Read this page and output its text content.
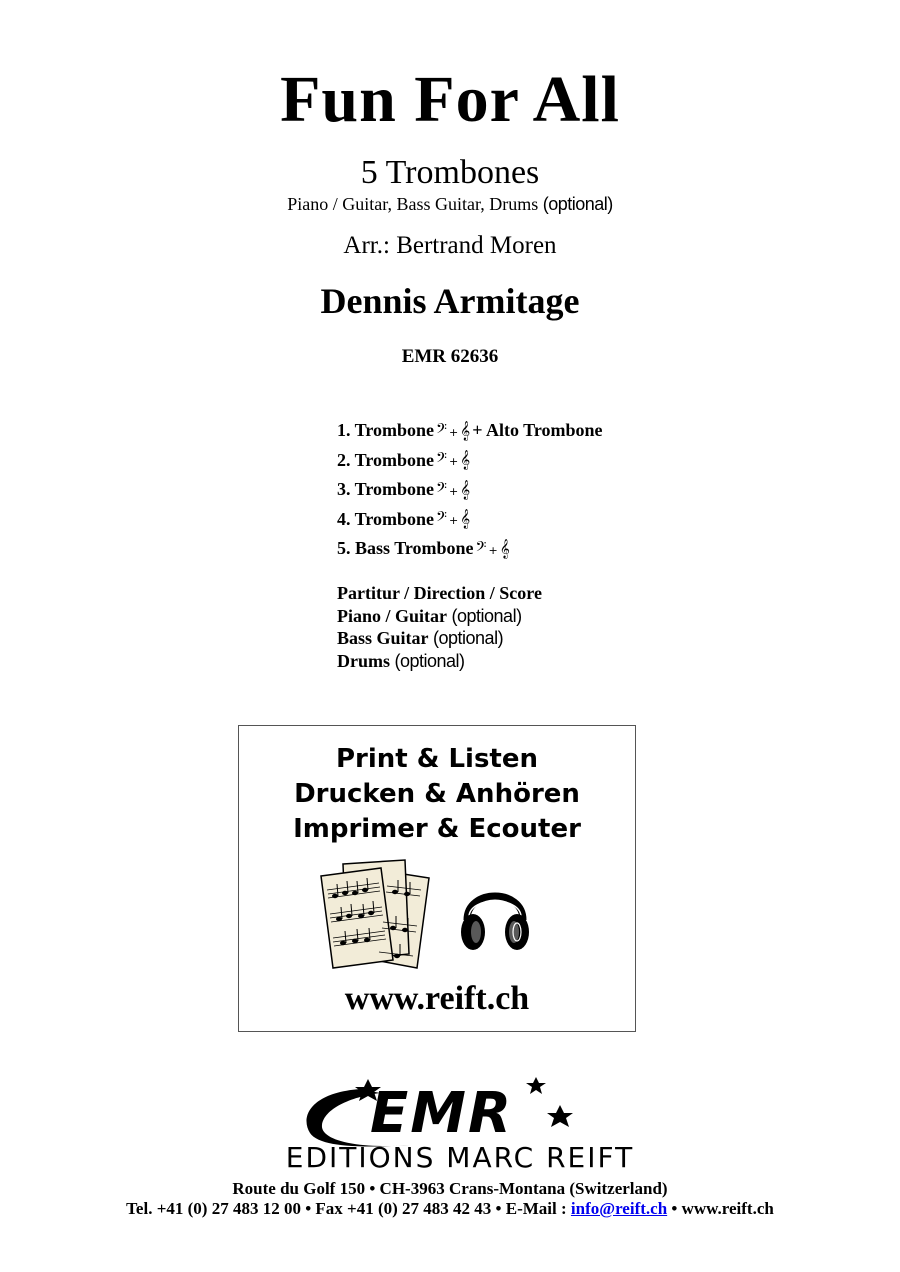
Fun For All
5 Trombones
Piano / Guitar, Bass Guitar, Drums (optional)
Arr.: Bertrand Moren
Dennis Armitage
EMR 62636
1. Trombone 𝄢 + 𝄞 + Alto Trombone
2. Trombone 𝄢 + 𝄞
3. Trombone 𝄢 + 𝄞
4. Trombone 𝄢 + 𝄞
5. Bass Trombone 𝄢 + 𝄞
Partitur / Direction / Score
Piano / Guitar (optional)
Bass Guitar (optional)
Drums (optional)
Print & Listen
Drucken & Anhören
Imprimer & Ecouter
www.reift.ch
EMR
EDITIONS MARC REIFT
Route du Golf 150 • CH-3963 Crans-Montana (Switzerland)
Tel. +41 (0) 27 483 12 00 • Fax +41 (0) 27 483 42 43 • E-Mail : info@reift.ch • www.reift.ch
